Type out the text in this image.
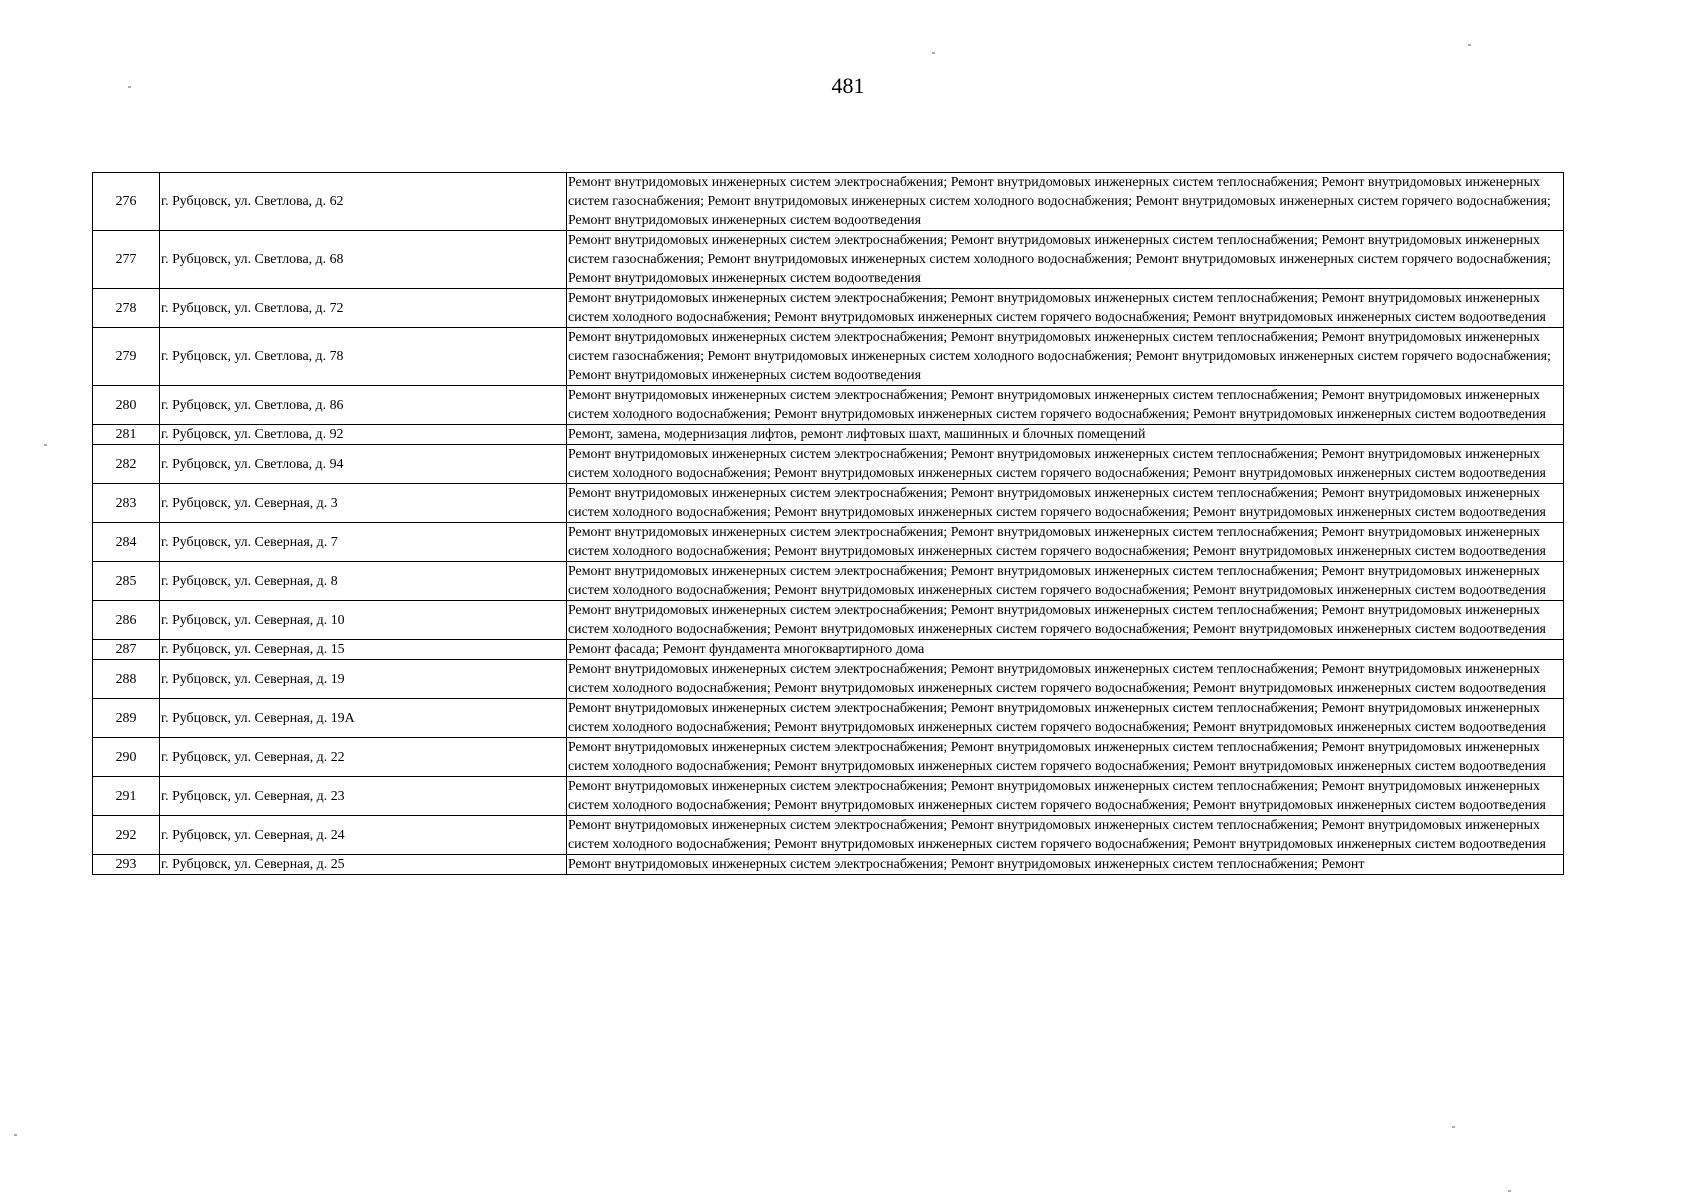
481
276	г. Рубцовск, ул. Светлова, д. 62	Ремонт внутридомовых инженерных систем электроснабжения; Ремонт внутридомовых инженерных систем теплоснабжения; Ремонт внутридомовых инженерных систем газоснабжения; Ремонт внутридомовых инженерных систем холодного водоснабжения; Ремонт внутридомовых инженерных систем горячего водоснабжения; Ремонт внутридомовых инженерных систем водоотведения
277	г. Рубцовск, ул. Светлова, д. 68	Ремонт внутридомовых инженерных систем электроснабжения; Ремонт внутридомовых инженерных систем теплоснабжения; Ремонт внутридомовых инженерных систем газоснабжения; Ремонт внутридомовых инженерных систем холодного водоснабжения; Ремонт внутридомовых инженерных систем горячего водоснабжения; Ремонт внутридомовых инженерных систем водоотведения
278	г. Рубцовск, ул. Светлова, д. 72	Ремонт внутридомовых инженерных систем электроснабжения; Ремонт внутридомовых инженерных систем теплоснабжения; Ремонт внутридомовых инженерных систем холодного водоснабжения; Ремонт внутридомовых инженерных систем горячего водоснабжения; Ремонт внутридомовых инженерных систем водоотведения
279	г. Рубцовск, ул. Светлова, д. 78	Ремонт внутридомовых инженерных систем электроснабжения; Ремонт внутридомовых инженерных систем теплоснабжения; Ремонт внутридомовых инженерных систем газоснабжения; Ремонт внутридомовых инженерных систем холодного водоснабжения; Ремонт внутридомовых инженерных систем горячего водоснабжения; Ремонт внутридомовых инженерных систем водоотведения
280	г. Рубцовск, ул. Светлова, д. 86	Ремонт внутридомовых инженерных систем электроснабжения; Ремонт внутридомовых инженерных систем теплоснабжения; Ремонт внутридомовых инженерных систем холодного водоснабжения; Ремонт внутридомовых инженерных систем горячего водоснабжения; Ремонт внутридомовых инженерных систем водоотведения
281	г. Рубцовск, ул. Светлова, д. 92	Ремонт, замена, модернизация лифтов, ремонт лифтовых шахт, машинных и блочных помещений
282	г. Рубцовск, ул. Светлова, д. 94	Ремонт внутридомовых инженерных систем электроснабжения; Ремонт внутридомовых инженерных систем теплоснабжения; Ремонт внутридомовых инженерных систем холодного водоснабжения; Ремонт внутридомовых инженерных систем горячего водоснабжения; Ремонт внутридомовых инженерных систем водоотведения
283	г. Рубцовск, ул. Северная, д. 3	Ремонт внутридомовых инженерных систем электроснабжения; Ремонт внутридомовых инженерных систем теплоснабжения; Ремонт внутридомовых инженерных систем холодного водоснабжения; Ремонт внутридомовых инженерных систем горячего водоснабжения; Ремонт внутридомовых инженерных систем водоотведения
284	г. Рубцовск, ул. Северная, д. 7	Ремонт внутридомовых инженерных систем электроснабжения; Ремонт внутридомовых инженерных систем теплоснабжения; Ремонт внутридомовых инженерных систем холодного водоснабжения; Ремонт внутридомовых инженерных систем горячего водоснабжения; Ремонт внутридомовых инженерных систем водоотведения
285	г. Рубцовск, ул. Северная, д. 8	Ремонт внутридомовых инженерных систем электроснабжения; Ремонт внутридомовых инженерных систем теплоснабжения; Ремонт внутридомовых инженерных систем холодного водоснабжения; Ремонт внутридомовых инженерных систем горячего водоснабжения; Ремонт внутридомовых инженерных систем водоотведения
286	г. Рубцовск, ул. Северная, д. 10	Ремонт внутридомовых инженерных систем электроснабжения; Ремонт внутридомовых инженерных систем теплоснабжения; Ремонт внутридомовых инженерных систем холодного водоснабжения; Ремонт внутридомовых инженерных систем горячего водоснабжения; Ремонт внутридомовых инженерных систем водоотведения
287	г. Рубцовск, ул. Северная, д. 15	Ремонт фасада; Ремонт фундамента многоквартирного дома
288	г. Рубцовск, ул. Северная, д. 19	Ремонт внутридомовых инженерных систем электроснабжения; Ремонт внутридомовых инженерных систем теплоснабжения; Ремонт внутридомовых инженерных систем холодного водоснабжения; Ремонт внутридомовых инженерных систем горячего водоснабжения; Ремонт внутридомовых инженерных систем водоотведения
289	г. Рубцовск, ул. Северная, д. 19А	Ремонт внутридомовых инженерных систем электроснабжения; Ремонт внутридомовых инженерных систем теплоснабжения; Ремонт внутридомовых инженерных систем холодного водоснабжения; Ремонт внутридомовых инженерных систем горячего водоснабжения; Ремонт внутридомовых инженерных систем водоотведения
290	г. Рубцовск, ул. Северная, д. 22	Ремонт внутридомовых инженерных систем электроснабжения; Ремонт внутридомовых инженерных систем теплоснабжения; Ремонт внутридомовых инженерных систем холодного водоснабжения; Ремонт внутридомовых инженерных систем горячего водоснабжения; Ремонт внутридомовых инженерных систем водоотведения
291	г. Рубцовск, ул. Северная, д. 23	Ремонт внутридомовых инженерных систем электроснабжения; Ремонт внутридомовых инженерных систем теплоснабжения; Ремонт внутридомовых инженерных систем холодного водоснабжения; Ремонт внутридомовых инженерных систем горячего водоснабжения; Ремонт внутридомовых инженерных систем водоотведения
292	г. Рубцовск, ул. Северная, д. 24	Ремонт внутридомовых инженерных систем электроснабжения; Ремонт внутридомовых инженерных систем теплоснабжения; Ремонт внутридомовых инженерных систем холодного водоснабжения; Ремонт внутридомовых инженерных систем горячего водоснабжения; Ремонт внутридомовых инженерных систем водоотведения
293	г. Рубцовск, ул. Северная, д. 25	Ремонт внутридомовых инженерных систем электроснабжения; Ремонт внутридомовых инженерных систем теплоснабжения; Ремонт
